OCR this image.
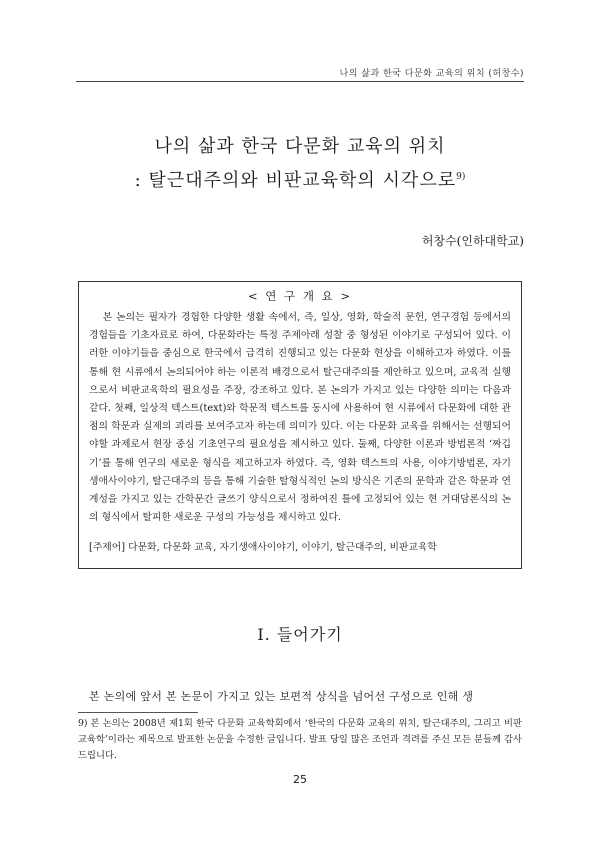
나의 삶과 한국 다문화 교육의 위치 (허창수)
나의 삶과 한국 다문화 교육의 위치
: 탈근대주의와 비판교육학의 시각으로$^{9)}$
허창수(인하대학교)
< 연 구 개 요 >

본 논의는 필자가 경험한 다양한 생활 속에서, 즉, 일상, 영화, 학술적 문헌, 연구경험 등에서의 경험들을 기초자료로 하여, 다문화라는 특정 주제아래 성찰 중 형성된 이야기로 구성되어 있다. 이러한 이야기들을 중심으로 한국에서 급격히 진행되고 있는 다문화 현상을 이해하고자 하였다. 이를 통해 현 시류에서 논의되어야 하는 이론적 배경으로서 탈근대주의를 제안하고 있으며, 교육적 실행으로서 비판교육학의 필요성을 주장, 강조하고 있다. 본 논의가 가지고 있는 다양한 의미는 다음과 같다. 첫째, 일상적 텍스트(text)와 학문적 텍스트를 동시에 사용하여 현 시류에서 다문화에 대한 관점의 학문과 실제의 괴리를 보여주고자 하는데 의미가 있다. 이는 다문화 교육을 위해서는 선행되어야할 과제로서 현장 중심 기초연구의 필요성을 제시하고 있다. 둘째, 다양한 이론과 방법론적 ‘짜깁기’를 통해 연구의 새로운 형식을 제고하고자 하였다. 즉, 영화 텍스트의 사용, 이야기방법론, 자기생애사이야기, 탈근대주의 등을 통해 기술한 탈형식적인 논의 방식은 기존의 문학과 같은 학문과 연계성을 가지고 있는 간학문간 글쓰기 양식으로서 정하여진 틀에 고정되어 있는 현 거대담론식의 논의 형식에서 탈피한 새로운 구성의 가능성을 제시하고 있다.

[주제어] 다문화, 다문화 교육, 자기생애사이야기, 이야기, 탈근대주의, 비판교육학
I. 들어가기
본 논의에 앞서 본 논문이 가지고 있는 보편적 상식을 넘어선 구성으로 인해 생
9) 본 논의는 2008년 제1회 한국 다문화 교육학회에서 ‘한국의 다문화 교육의 위치, 탈근대주의, 그리고 비판교육학’이라는 제목으로 발표한 논문을 수정한 글입니다. 발표 당일 많은 조언과 격려를 주신 모든 분들께 감사드립니다.
25
